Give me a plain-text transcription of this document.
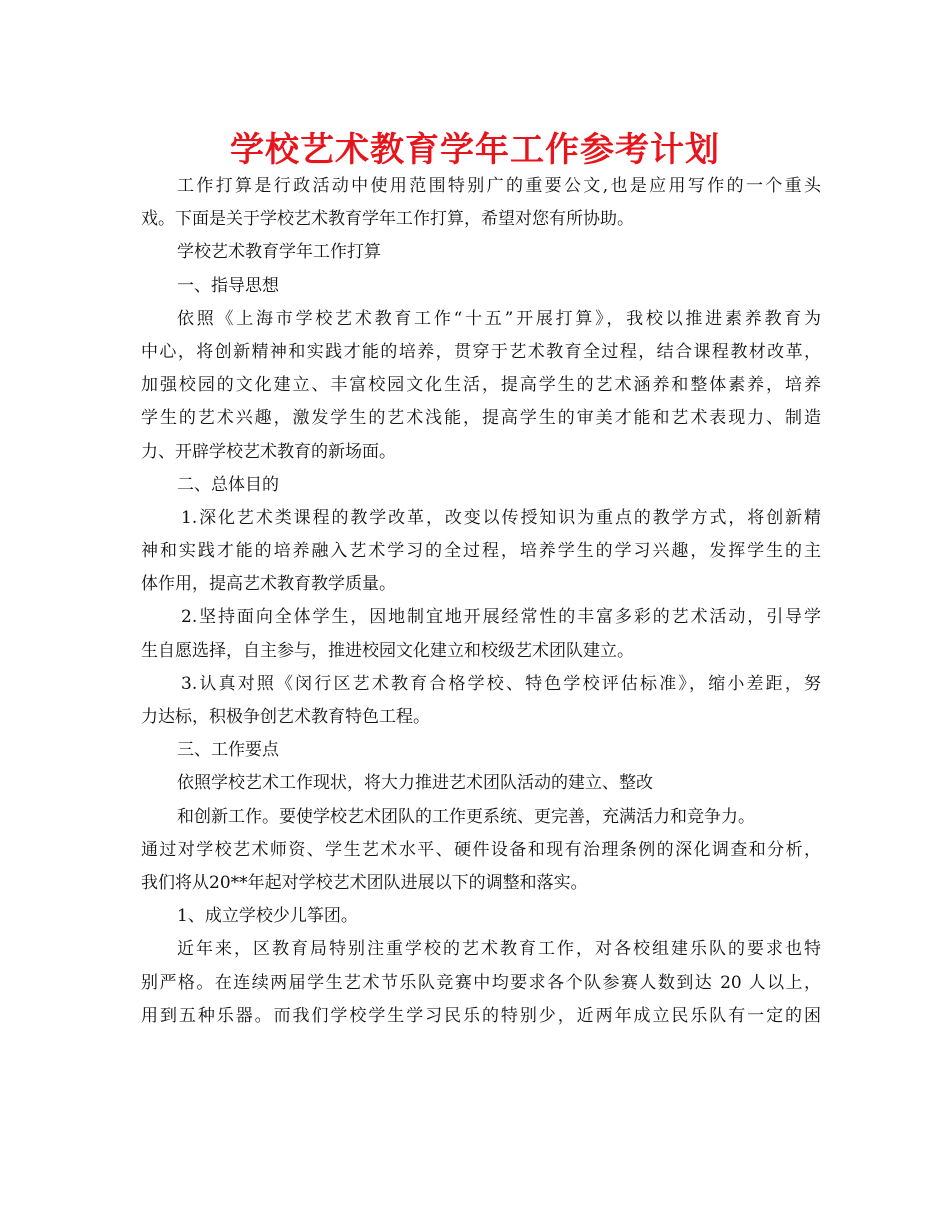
学校艺术教育学年工作参考计划
工作打算是行政活动中使用范围特别广的重要公文,也是应用写作的一个重头
戏。下面是关于学校艺术教育学年工作打算，希望对您有所协助。
学校艺术教育学年工作打算
一、指导思想
依照《上海市学校艺术教育工作“十五”开展打算》，我校以推进素养教育为
中心，将创新精神和实践才能的培养，贯穿于艺术教育全过程，结合课程教材改革，
加强校园的文化建立、丰富校园文化生活，提高学生的艺术涵养和整体素养，培养
学生的艺术兴趣，激发学生的艺术浅能，提高学生的审美才能和艺术表现力、制造
力、开辟学校艺术教育的新场面。
二、总体目的
1.深化艺术类课程的教学改革，改变以传授知识为重点的教学方式，将创新精
神和实践才能的培养融入艺术学习的全过程，培养学生的学习兴趣，发挥学生的主
体作用，提高艺术教育教学质量。
2.坚持面向全体学生，因地制宜地开展经常性的丰富多彩的艺术活动，引导学
生自愿选择，自主参与，推进校园文化建立和校级艺术团队建立。
3.认真对照《闵行区艺术教育合格学校、特色学校评估标准》，缩小差距，努
力达标，积极争创艺术教育特色工程。
三、工作要点
依照学校艺术工作现状，将大力推进艺术团队活动的建立、整改
和创新工作。要使学校艺术团队的工作更系统、更完善，充满活力和竞争力。
通过对学校艺术师资、学生艺术水平、硬件设备和现有治理条例的深化调查和分析，
我们将从20**年起对学校艺术团队进展以下的调整和落实。
1、成立学校少儿筝团。
近年来，区教育局特别注重学校的艺术教育工作，对各校组建乐队的要求也特
别严格。在连续两届学生艺术节乐队竞赛中均要求各个队参赛人数到达 20 人以上，
用到五种乐器。而我们学校学生学习民乐的特别少，近两年成立民乐队有一定的困
